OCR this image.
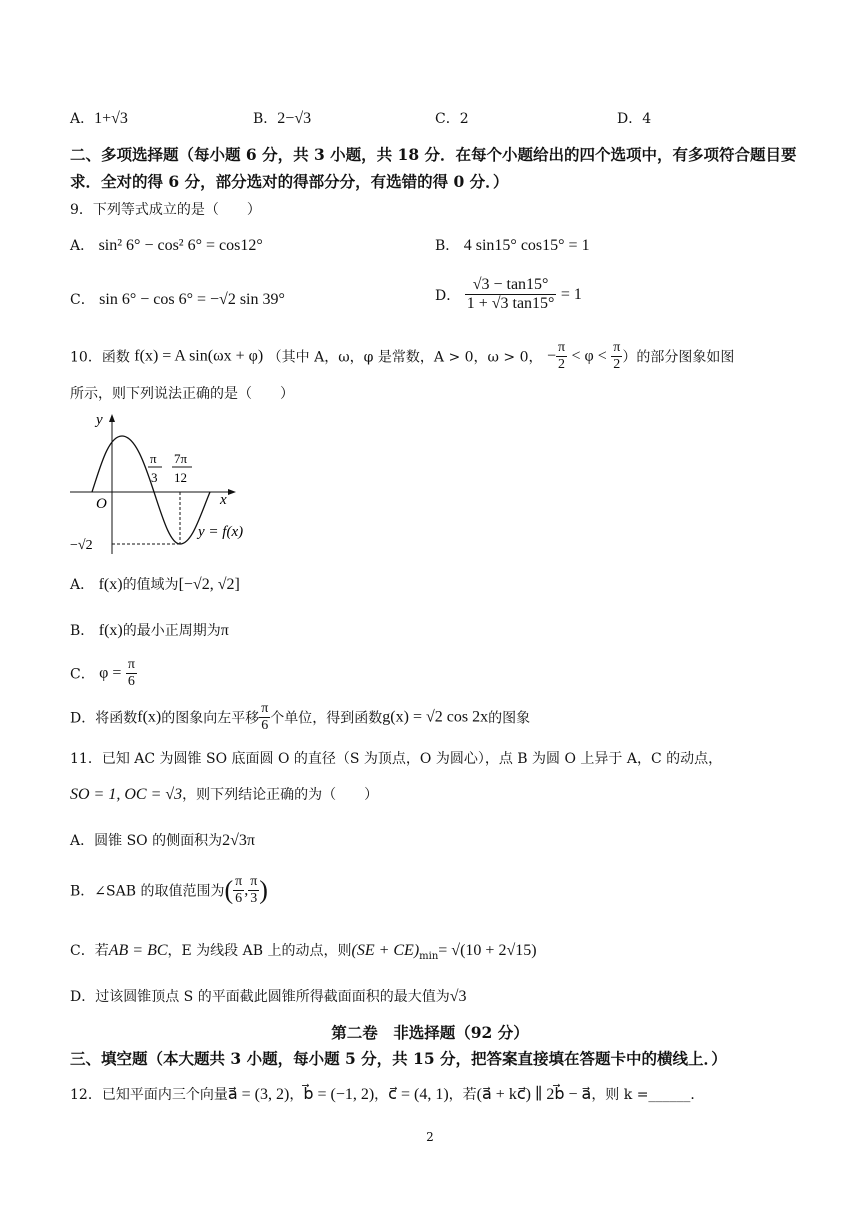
A．1+√3	B．2−√3	C．2	D．4
二、多项选择题（每小题 6 分，共 3 小题，共 18 分．在每个小题给出的四个选项中，有多项符合题目要求．全对的得 6 分，部分选对的得部分分，有选错的得 0 分．）
9．下列等式成立的是（　　）
A． sin² 6° − cos² 6° = cos12°	B． 4 sin15° cos15° = 1
C． sin 6° − cos 6° = −√2 sin 39°	D． $\frac{√3 - \tan 15^\circ}{1 + √3 \tan 15^\circ} = 1$
10．函数 f(x) = A sin(ωx + φ) （其中 A，ω，φ 是常数，A > 0，ω > 0， − $\frac{\pi}{2} < \varphi < \frac{\pi}{2}$ ）的部分图象如图
所示，则下列说法正确的是（　　）
y
x
O
π
3
7π
12
−√2
y = f(x)
A． f(x)的值域为[−√2, √2]
B． f(x)的最小正周期为π
C． $\varphi = \frac{\pi}{6}$
D．将函数f(x)的图象向左平移 $\frac{\pi}{6}$ 个单位，得到函数g(x) = √2 cos 2x的图象
11．已知 AC 为圆锥 SO 底面圆 O 的直径（S 为顶点，O 为圆心），点 B 为圆 O 上异于 A，C 的动点，
SO = 1, OC = √3，则下列结论正确的为（　　）
A．圆锥 SO 的侧面积为2√3π
B．∠SAB 的取值范围为( $\frac{\pi}{6}$ , $\frac{\pi}{3}$ )
C．若AB = BC，E 为线段 AB 上的动点，则$(SE + CE)_{min}= √(10 + 2√15)$
D．过该圆锥顶点 S 的平面截此圆锥所得截面面积的最大值为√3
第二卷　非选择题（92 分）
三、填空题（本大题共 3 小题，每小题 5 分，共 15 分，把答案直接填在答题卡中的横线上．）
12．已知平面内三个向量a⃗ = (3, 2)，b⃗ = (−1, 2)，c⃗ = (4, 1)，若(a⃗ + kc⃗) ∥ 2b⃗ − a⃗，则 k =______．
2
